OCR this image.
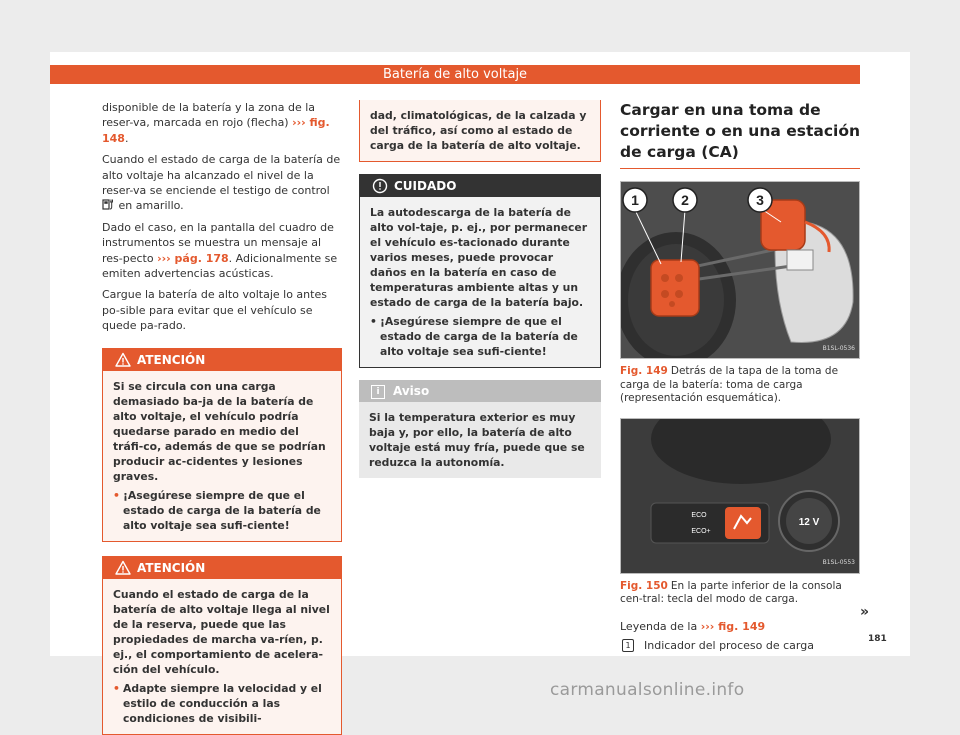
Batería de alto voltaje

disponible de la batería y la zona de la reser-va, marcada en rojo (flecha) ››› fig. 148.

Cuando el estado de carga de la batería de alto voltaje ha alcanzado el nivel de la reser-va se enciende el testigo de control  en amarillo.

Dado el caso, en la pantalla del cuadro de instrumentos se muestra un mensaje al res-pecto ››› pág. 178. Adicionalmente se emiten advertencias acústicas.

Cargue la batería de alto voltaje lo antes po-sible para evitar que el vehículo se quede pa-rado.

ATENCIÓN
Si se circula con una carga demasiado ba-ja de la batería de alto voltaje, el vehículo podría quedarse parado en medio del tráfi-co, además de que se podrían producir ac-cidentes y lesiones graves.
• ¡Asegúrese siempre de que el estado de carga de la batería de alto voltaje sea sufi-ciente!
ATENCIÓN
Cuando el estado de carga de la batería de alto voltaje llega al nivel de la reserva, puede que las propiedades de marcha va-ríen, p. ej., el comportamiento de acelera-ción del vehículo.
• Adapte siempre la velocidad y el estilo de conducción a las condiciones de visibili-
dad, climatológicas, de la calzada y del tráfico, así como al estado de carga de la batería de alto voltaje.
CUIDADO
La autodescarga de la batería de alto vol-taje, p. ej., por permanecer el vehículo es-tacionado durante varios meses, puede provocar daños en la batería en caso de temperaturas ambiente altas y un estado de carga de la batería bajo.
• ¡Asegúrese siempre de que el estado de carga de la batería de alto voltaje sea sufi-ciente!
i	Aviso
Si la temperatura exterior es muy baja y, por ello, la batería de alto voltaje está muy fría, puede que se reduzca la autonomía.
Cargar en una toma de corriente o en una estación de carga (CA)
1	2	3
B1SL-0536
Fig. 149 Detrás de la tapa de la toma de carga de la batería: toma de carga (representación esquemática).
ECO
ECO+
12 V
B1SL-0553
Fig. 150 En la parte inferior de la consola cen-tral: tecla del modo de carga.
Leyenda de la ››› fig. 149
1	Indicador del proceso de carga
»
181
carmanualsonline.info
